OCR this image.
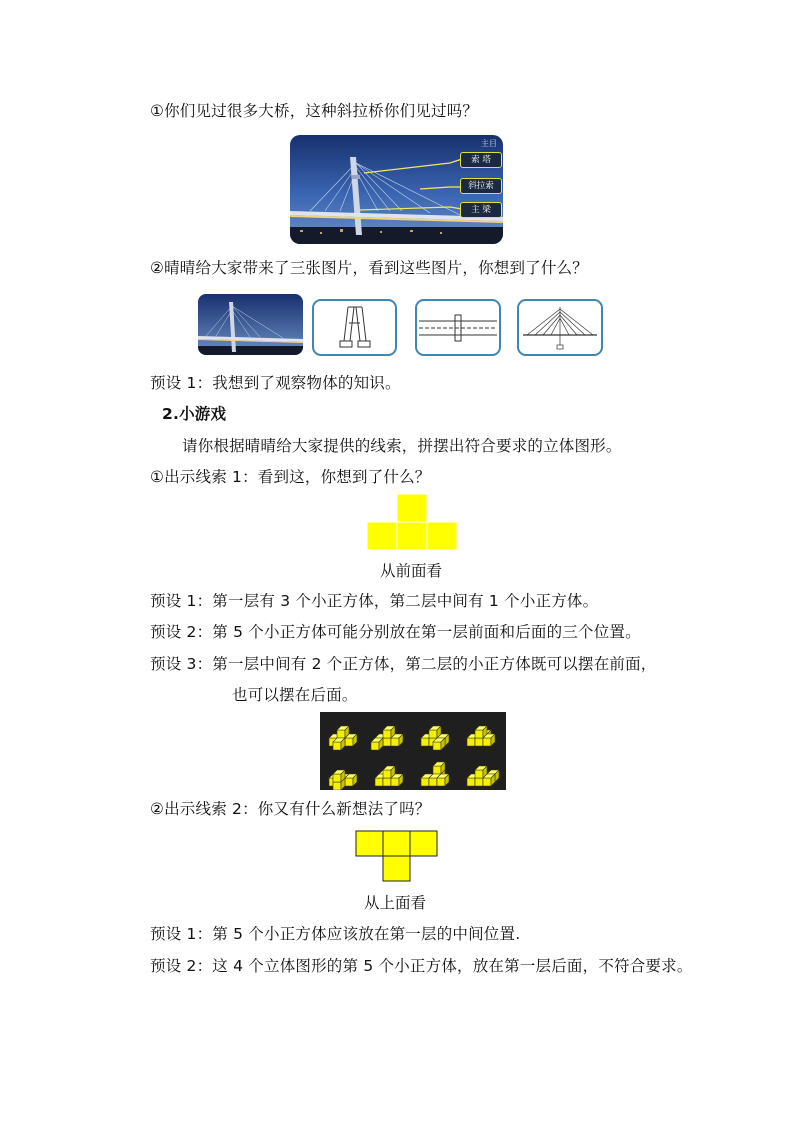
①你们见过很多大桥，这种斜拉桥你们见过吗？
主目
索 塔
斜拉索
主 梁
②晴晴给大家带来了三张图片，看到这些图片，你想到了什么？
预设 1：我想到了观察物体的知识。
2.小游戏
请你根据晴晴给大家提供的线索，拼摆出符合要求的立体图形。
①出示线索 1：看到这，你想到了什么？
从前面看
预设 1：第一层有 3 个小正方体，第二层中间有 1 个小正方体。
预设 2：第 5 个小正方体可能分别放在第一层前面和后面的三个位置。
预设 3：第一层中间有 2 个正方体，第二层的小正方体既可以摆在前面，
也可以摆在后面。
②出示线索 2：你又有什么新想法了吗？
从上面看
预设 1：第 5 个小正方体应该放在第一层的中间位置.
预设 2：这 4 个立体图形的第 5 个小正方体，放在第一层后面，不符合要求。
